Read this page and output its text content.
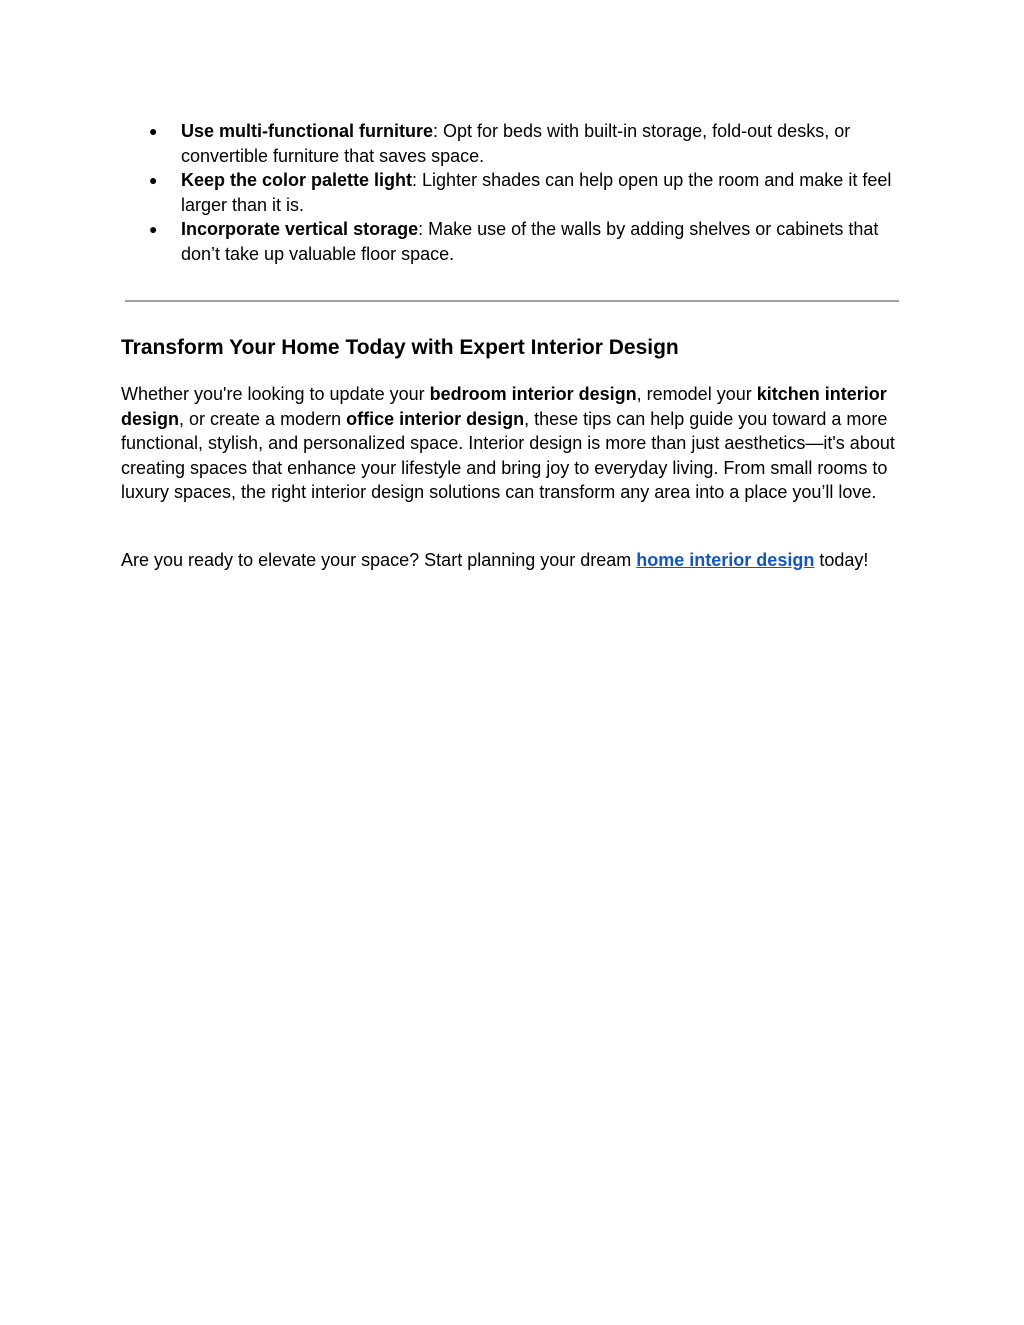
● Use multi-functional furniture: Opt for beds with built-in storage, fold-out desks, or convertible furniture that saves space.
● Keep the color palette light: Lighter shades can help open up the room and make it feel larger than it is.
● Incorporate vertical storage: Make use of the walls by adding shelves or cabinets that don’t take up valuable floor space.
Transform Your Home Today with Expert Interior Design

Whether you're looking to update your bedroom interior design, remodel your kitchen interior design, or create a modern office interior design, these tips can help guide you toward a more functional, stylish, and personalized space. Interior design is more than just aesthetics—it's about creating spaces that enhance your lifestyle and bring joy to everyday living. From small rooms to luxury spaces, the right interior design solutions can transform any area into a place you’ll love.

Are you ready to elevate your space? Start planning your dream home interior design today!
